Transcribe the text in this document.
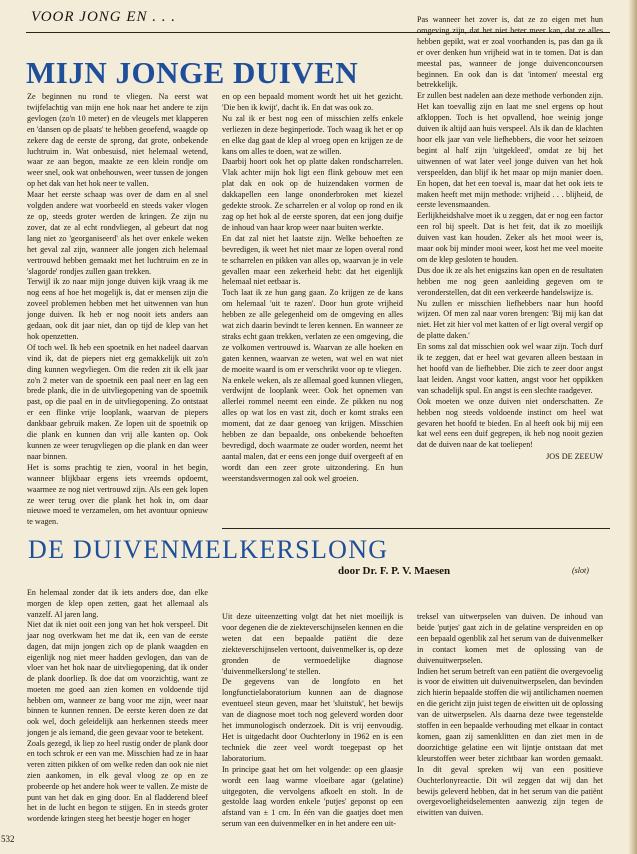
VOOR JONG EN . . .
MIJN JONGE DUIVEN

Ze beginnen nu rond te vliegen. Na eerst wat twijfelachtig van mijn ene hok naar het andere te zijn gevlogen (zo'n 10 meter) en de vleugels met klapperen en 'dansen op de plaats' te hebben geoefend, waagde op zekere dag de eerste de sprong, dat grote, onbekende luchtruim in. Wat onbesuisd, niet helemaal wetend, waar ze aan begon, maakte ze een klein rondje om weer snel, ook wat onbehouwen, weer tussen de jongen op het dak van het hok neer te vallen.

Maar het eerste schaap was over de dam en al snel volgden andere wat voorbeeld en steeds vaker vlogen ze op, steeds groter werden de kringen. Ze zijn nu zover, dat ze al echt rondvliegen, al gebeurt dat nog lang niet zo 'georganiseerd' als het over enkele weken het geval zal zijn, wanneer alle jongen zich helemaal vertrouwd hebben gemaakt met het luchtruim en ze in 'slagorde' rondjes zullen gaan trekken.

Terwijl ik zo naar mijn jonge duiven kijk vraag ik me nog eens af hoe het mogelijk is, dat er mensen zijn die zoveel problemen hebben met het uitwennen van hun jonge duiven. Ik heb er nog nooit iets anders aan gedaan, ook dit jaar niet, dan op tijd de klep van het hok openzetten.

Of toch wel. Ik heb een spoetnik en het nadeel daarvan vind ik, dat de piepers niet erg gemakkelijk uit zo'n ding kunnen wegvliegen. Om die reden zit ik elk jaar zo'n 2 meter van de spoetnik een paal neer en lag een brede plank, die in de uitvliegopening van de spoetnik past, op die paal en in de uitvliegopening. Zo ontstaat er een flinke vrije looplank, waarvan de piepers dankbaar gebruik maken. Ze lopen uit de spoetnik op die plank en kunnen dan vrij alle kanten op. Ook kunnen ze weer terugvliegen op die plank en dan weer naar binnen.

Het is soms prachtig te zien, vooral in het begin, wanneer blijkbaar ergens iets vreemds opdoemt, waarmee ze nog niet vertrouwd zijn. Als een gek lopen ze weer terug over die plank het hok in, om daar nieuwe moed te verzamelen, om het avontuur opnieuw te wagen.

en op een bepaald moment wordt het uit het gezicht. 'Die ben ik kwijt', dacht ik. En dat was ook zo.

Nu zal ik er best nog een of misschien zelfs enkele verliezen in deze beginperiode. Toch waag ik het er op en elke dag gaat de klep al vroeg open en krijgen ze de kans om alles te doen, wat ze willen.

Daarbij hoort ook het op platte daken rondscharrelen. Vlak achter mijn hok ligt een flink gebouw met een plat dak en ook op de huizendaken vormen de dakkapellen een lange ononderbroken met kiezel gedekte strook. Ze scharrelen er al volop op rond en ik zag op het hok al de eerste sporen, dat een jong duifje de inhoud van haar krop weer naar buiten werkte.

En dat zal niet het laatste zijn. Welke behoeften ze bevredigen, ik weet het niet maar ze lopen overal rond te scharrelen en pikken van alles op, waarvan je in vele gevallen maar een zekerheid hebt: dat het eigenlijk helemaal niet eetbaar is.

Toch laat ik ze hun gang gaan. Zo krijgen ze de kans om helemaal 'uit te razen'. Door hun grote vrijheid hebben ze alle gelegenheid om de omgeving en alles wat zich daarin bevindt te leren kennen. En wanneer ze straks echt gaan trekken, verlaten ze een omgeving, die ze volkomen vertrouwd is. Waarvan ze alle hoeken en gaten kennen, waarvan ze weten, wat wel en wat niet de moeite waard is om er verschrikt voor op te vliegen.

Na enkele weken, als ze allemaal goed kunnen vliegen, verdwijnt de looplank weer. Ook het opnemen van allerlei rommel neemt een einde. Ze pikken nu nog alles op wat los en vast zit, doch er komt straks een moment, dat ze daar genoeg van krijgen. Misschien hebben ze dan bepaalde, ons onbekende behoeften bevredigd, doch waarmate ze ouder worden, neemt het aantal malen, dat er eens een jonge duif overgeeft af en wordt dan een zeer grote uitzondering. En hun weerstandsvermogen zal ook wel groeien.

Pas wanneer het zover is, dat ze zo eigen met hun omgeving zijn, dat het niet beter meer kan, dat ze alles hebben gepikt, wat er zoal voorhanden is, pas dan ga ik er over denken hun vrijheid wat in te tomen. Dat is dan meestal pas, wanneer de jonge duivenconcoursen beginnen. En ook dan is dat 'intomen' meestal erg betrekkelijk.

Er zullen best nadelen aan deze methode verbonden zijn. Het kan toevallig zijn en laat me snel ergens op hout afkloppen. Toch is het opvallend, hoe weinig jonge duiven ik altijd aan huis verspeel. Als ik dan de klachten hoor elk jaar van vele liefhebbers, die voor het seizoen begint al half zijn 'uitgekleed', omdat ze bij het uitwennen of wat later veel jonge duiven van het hok verspeelden, dan blijf ik het maar op mijn manier doen. En hopen, dat het een toeval is, maar dat het ook iets te maken heeft met mijn methode: vrijheid . . . blijheid, de eerste levensmaanden.

Eerlijkheidshalve moet ik u zeggen, dat er nog een factor een rol bij speelt. Dat is het feit, dat ik zo moeilijk duiven vast kan houden. Zeker als het mooi weer is, maar ook bij minder mooi weer, kost het me veel moeite om de klep gesloten te houden.

Dus doe ik ze als het enigszins kan open en de resultaten hebben me nog geen aanleiding gegeven om te veronderstellen, dat dit een verkeerde handelswijze is.

Nu zullen er misschien liefhebbers naar hun hoofd wijzen. Of men zal naar voren brengen: 'Bij mij kan dat niet. Het zit hier vol met katten of er ligt overal vergif op de platte daken.'

En soms zal dat misschien ook wel waar zijn. Toch durf ik te zeggen, dat er heel wat gevaren alleen bestaan in het hoofd van de liefhebber. Die zich te zeer door angst laat leiden. Angst voor katten, angst voor het oppikken van schadelijk spul. En angst is een slechte raadgever.

Ook moeten we onze duiven niet onderschatten. Ze hebben nog steeds voldoende instinct om heel wat gevaren het hoofd te bieden. En al heeft ook bij mij een kat wel eens een duif gegrepen, ik heb nog nooit gezien dat de duiven naar de kat toeliepen!

JOS DE ZEEUW

DE DUIVENMELKERSLONG
door Dr. F. P. V. Maesen	(slot)

En helemaal zonder dat ik iets anders doe, dan elke morgen de klep open zetten, gaat het allemaal als vanzelf. Al jaren lang.

Niet dat ik niet ooit een jong van het hok verspeel. Dit jaar nog overkwam het me dat ik, een van de eerste dagen, dat mijn jongen zich op de plank waagden en eigenlijk nog niet meer hadden gevlogen, dan van de vloer van het hok naar de uitvliegopening, dat ik onder de plank doorliep. Ik doe dat om voorzichtig, want ze moeten me goed aan zien komen en voldoende tijd hebben om, wanneer ze bang voor me zijn, weer naar binnen te kunnen rennen. De eerste keren doen ze dat ook wel, doch geleidelijk aan herkennen steeds meer jongen je als iemand, die geen gevaar voor te betekent.

Zoals gezegd, ik liep zo heel rustig onder de plank door en toch schrok er een van me. Misschien had ze in haar veren zitten pikken of om welke reden dan ook nie niet zien aankomen, in elk geval vloog ze op en ze probeerde op het andere hok weer te vallen. Ze miste de punt van het dak en ging door. En al fladderend bleef het in de lucht en begon te stijgen. En in steeds groter wordende kringen steeg het beestje hoger en hoger

Uit deze uiteenzetting volgt dat het niet moeilijk is voor degenen die de ziekteverschijnselen kennen en die weten dat een bepaalde patiënt die deze ziekteverschijnselen vertoont, duivenmelker is, op deze gronden de vermoedelijke diagnose 'duivenmelkerslong' te stellen.

De gegevens van de longfoto en het longfunctielaboratorium kunnen aan de diagnose eventueel steun geven, maar het 'sluitstuk', het bewijs van de diagnose moet toch nog geleverd worden door het immunologisch onderzoek. Dit is vrij eenvoudig. Het is uitgedacht door Ouchterlony in 1962 en is een techniek die zeer veel wordt toegepast op het laboratorium.

In principe gaat het om het volgende: op een glaasje wordt een laag warme vloeibare agar (gelatine) uitgegoten, die vervolgens afkoelt en stolt. In de gestolde laag worden enkele 'putjes' geponst op een afstand van ± 1 cm. In één van die gaatjes doet men serum van een duivenmelker en in het andere een uit-

treksel van uitwerpselen van duiven. De inhoud van beide 'putjes' gaat zich in de gelatine verspreiden en op een bepaald ogenblik zal het serum van de duivenmelker in contact komen met de oplossing van de duivenuitwerpselen.

Indien het serum betreft van een patiënt die overgevoelig is voor de eiwitten uit duivenuitwerpselen, dan bevinden zich hierin bepaalde stoffen die wij antilichamen noemen en die gericht zijn juist tegen de eiwitten uit de oplossing van de uitwerpselen. Als daarna deze twee tegenstelde stoffen in een bepaalde verhouding met elkaar in contact komen, gaan zij samenklitten en dan ziet men in de doorzichtige gelatine een wit lijntje ontstaan dat met kleurstoffen weer beter zichtbaar kan worden gemaakt. In dit geval spreken wij van een positieve Ouchterlonyreactie. Dit wil zeggen dat wij dan het bewijs geleverd hebben, dat in het serum van die patiënt overgevoeligheidselementen aanwezig zijn tegen de eiwitten van duiven.

532
